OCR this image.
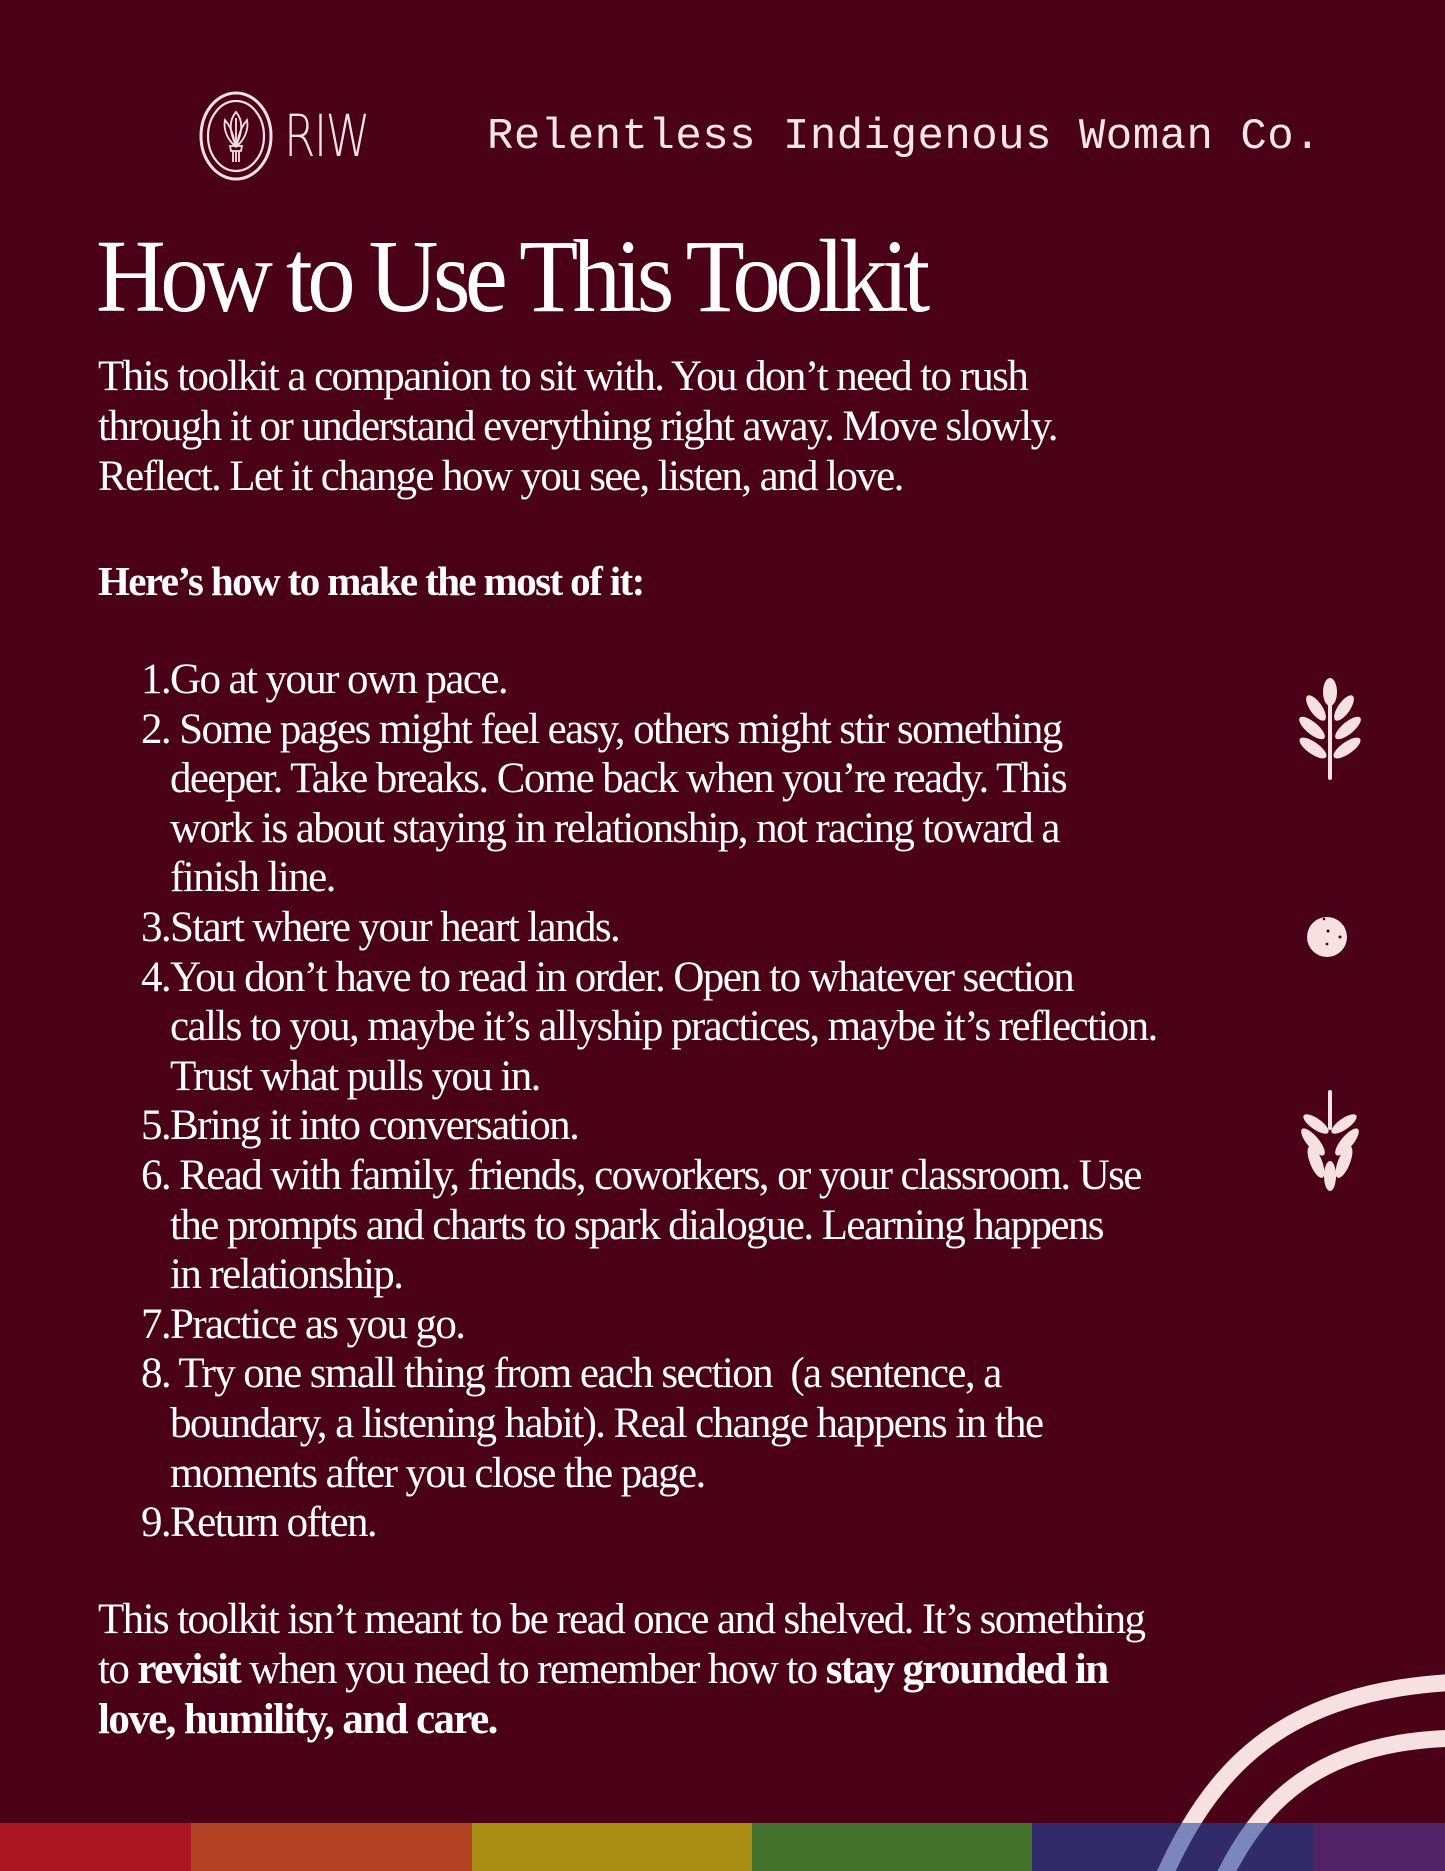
RIW	Relentless Indigenous Woman Co.
How to Use This Toolkit

This toolkit a companion to sit with. You don’t need to rush
through it or understand everything right away. Move slowly.
Reflect. Let it change how you see, listen, and love.

Here’s how to make the most of it:
1. Go at your own pace.
2. Some pages might feel easy, others might stir something
deeper. Take breaks. Come back when you’re ready. This
work is about staying in relationship, not racing toward a
finish line.
3. Start where your heart lands.
4. You don’t have to read in order. Open to whatever section
calls to you, maybe it’s allyship practices, maybe it’s reflection.
Trust what pulls you in.
5. Bring it into conversation.
6. Read with family, friends, coworkers, or your classroom. Use
the prompts and charts to spark dialogue. Learning happens
in relationship.
7. Practice as you go.
8. Try one small thing from each section  (a sentence, a
boundary, a listening habit). Real change happens in the
moments after you close the page.
9. Return often.

This toolkit isn’t meant to be read once and shelved. It’s something
to revisit when you need to remember how to stay grounded in
love, humility, and care.
